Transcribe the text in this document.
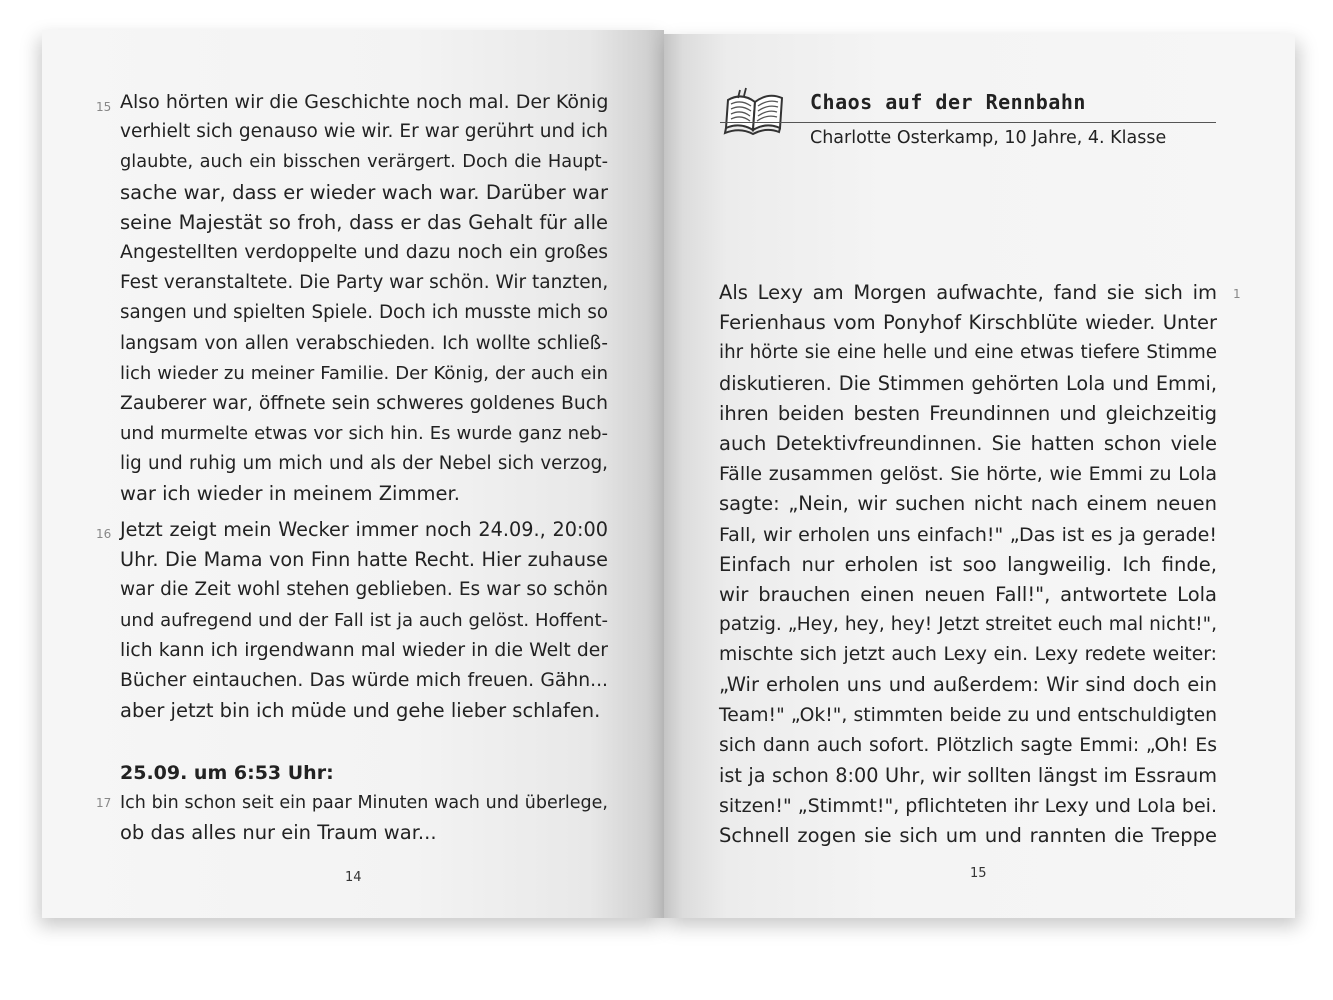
15 Also hörten wir die Geschichte noch mal. Der König
verhielt sich genauso wie wir. Er war gerührt und ich
glaubte, auch ein bisschen verärgert. Doch die Haupt-
sache war, dass er wieder wach war. Darüber war
seine Majestät so froh, dass er das Gehalt für alle
Angestellten verdoppelte und dazu noch ein großes
Fest veranstaltete. Die Party war schön. Wir tanzten,
sangen und spielten Spiele. Doch ich musste mich so
langsam von allen verabschieden. Ich wollte schließ-
lich wieder zu meiner Familie. Der König, der auch ein
Zauberer war, öffnete sein schweres goldenes Buch
und murmelte etwas vor sich hin. Es wurde ganz neb-
lig und ruhig um mich und als der Nebel sich verzog,
war ich wieder in meinem Zimmer.
16 Jetzt zeigt mein Wecker immer noch 24.09., 20:00
Uhr. Die Mama von Finn hatte Recht. Hier zuhause
war die Zeit wohl stehen geblieben. Es war so schön
und aufregend und der Fall ist ja auch gelöst. Hoffent-
lich kann ich irgendwann mal wieder in die Welt der
Bücher eintauchen. Das würde mich freuen. Gähn...
aber jetzt bin ich müde und gehe lieber schlafen.
25.09. um 6:53 Uhr:
17 Ich bin schon seit ein paar Minuten wach und überlege,
ob das alles nur ein Traum war...
14
Chaos auf der Rennbahn
Charlotte Osterkamp, 10 Jahre, 4. Klasse
1
Als Lexy am Morgen aufwachte, fand sie sich im
Ferienhaus vom Ponyhof Kirschblüte wieder. Unter
ihr hörte sie eine helle und eine etwas tiefere Stimme
diskutieren. Die Stimmen gehörten Lola und Emmi,
ihren beiden besten Freundinnen und gleichzeitig
auch Detektivfreundinnen. Sie hatten schon viele
Fälle zusammen gelöst. Sie hörte, wie Emmi zu Lola
sagte: „Nein, wir suchen nicht nach einem neuen
Fall, wir erholen uns einfach!" „Das ist es ja gerade!
Einfach nur erholen ist soo langweilig. Ich finde,
wir brauchen einen neuen Fall!", antwortete Lola
patzig. „Hey, hey, hey! Jetzt streitet euch mal nicht!",
mischte sich jetzt auch Lexy ein. Lexy redete weiter:
„Wir erholen uns und außerdem: Wir sind doch ein
Team!" „Ok!", stimmten beide zu und entschuldigten
sich dann auch sofort. Plötzlich sagte Emmi: „Oh! Es
ist ja schon 8:00 Uhr, wir sollten längst im Essraum
sitzen!" „Stimmt!", pflichteten ihr Lexy und Lola bei.
Schnell zogen sie sich um und rannten die Treppe
15
